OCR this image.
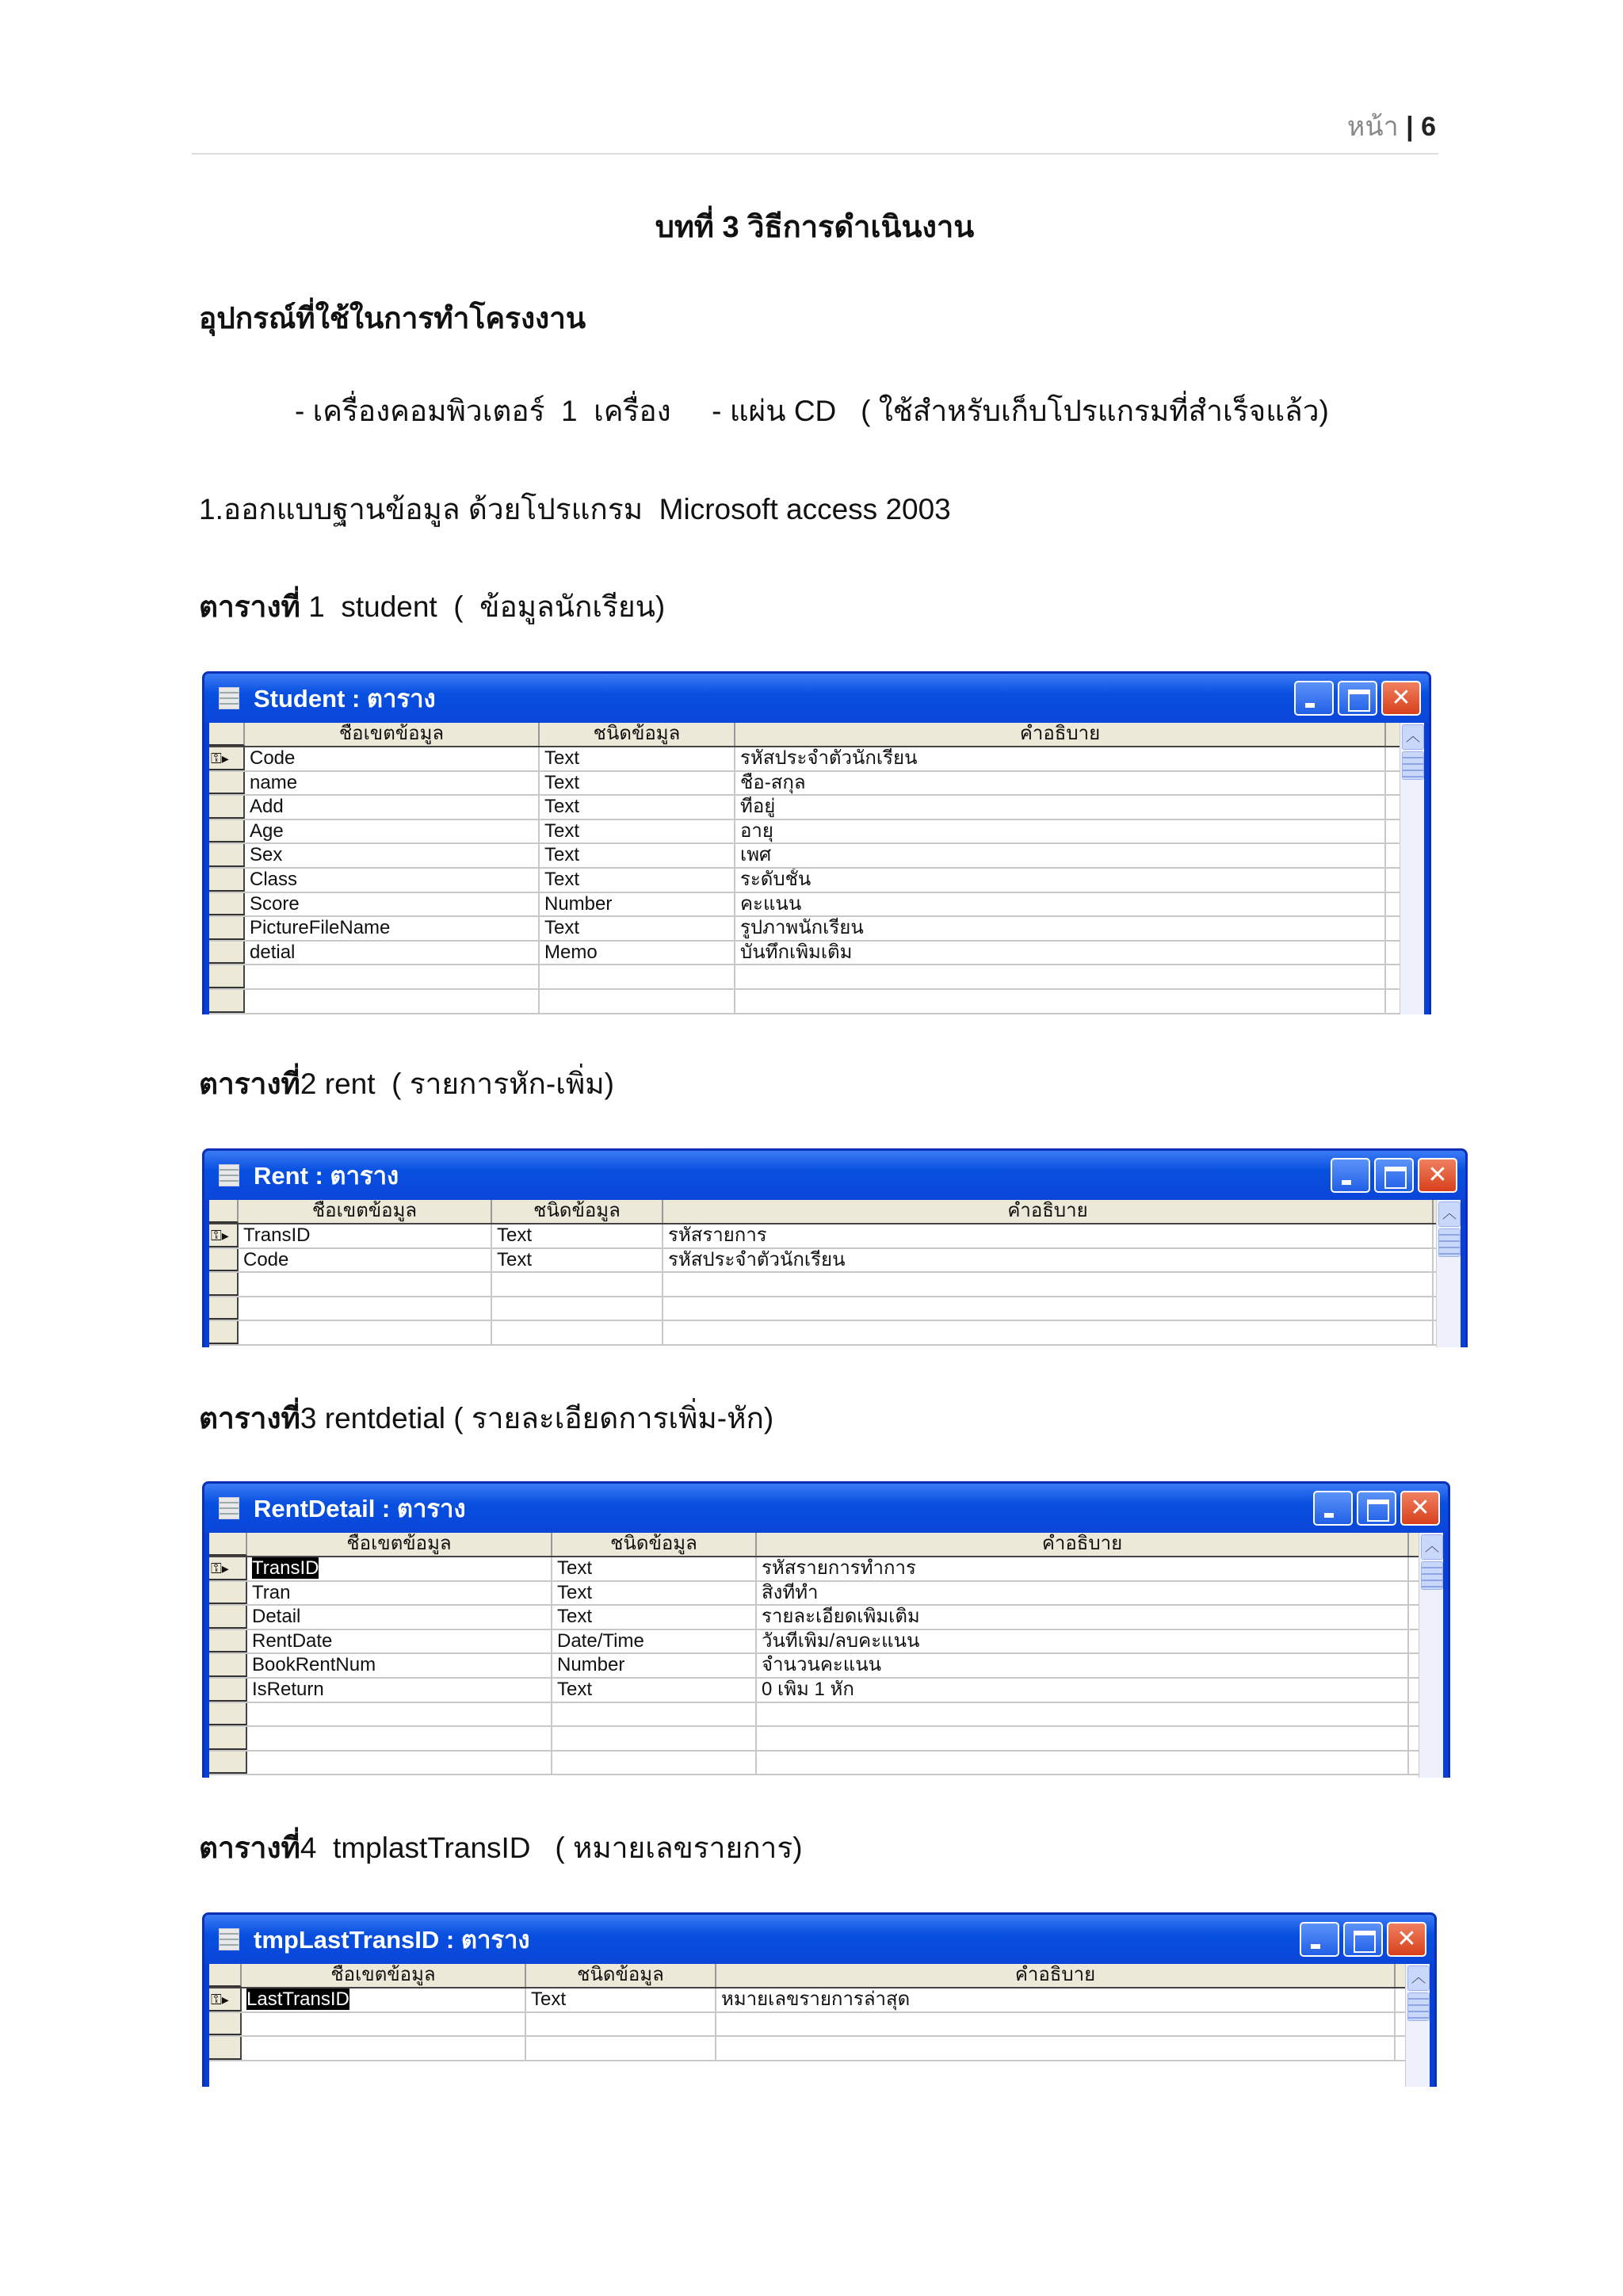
หน้า | 6
บทที่ 3 วิธีการดำเนินงาน
อุปกรณ์ที่ใช้ในการทำโครงงาน
- เครื่องคอมพิวเตอร์  1  เครื่อง     - แผ่น CD   ( ใช้สำหรับเก็บโปรแกรมที่สำเร็จแล้ว)
1.ออกแบบฐานข้อมูล ด้วยโปรแกรม  Microsoft access 2003
ตารางที่ 1  student  (  ข้อมูลนักเรียน)
ตารางที่2 rent  ( รายการหัก-เพิ่ม)
ตารางที่3 rentdetial ( รายละเอียดการเพิ่ม-หัก)
ตารางที่4  tmplastTransID   ( หมายเลขรายการ)
Student : ตาราง
✕
ชื่อเขตข้อมูล	ชนิดข้อมูล	คำอธิบาย
⚿▸	Code	Text	รหัสประจำตัวนักเรียน
name	Text	ชื่อ-สกุล
Add	Text	ที่อยู่
Age	Text	อายุ
Sex	Text	เพศ
Class	Text	ระดับชั้น
Score	Number	คะแนน
PictureFileName	Text	รูปภาพนักเรียน
detial	Memo	บันทึกเพิ่มเติม
︿
Rent : ตาราง
✕
ชื่อเขตข้อมูล	ชนิดข้อมูล	คำอธิบาย
⚿▸ TransID	Text	รหัสรายการ
Code	Text	รหัสประจำตัวนักเรียน
︿
RentDetail : ตาราง
✕
ชื่อเขตข้อมูล	ชนิดข้อมูล	คำอธิบาย
⚿▸	TransID	Text	รหัสรายการทำการ
Tran	Text	สิ่งที่ทำ
Detail	Text	รายละเอียดเพิ่มเติม
RentDate	Date/Time	วันที่เพิ่ม/ลบคะแนน
BookRentNum	Number	จำนวนคะแนน
IsReturn	Text	0 เพิ่ม 1 หัก
︿
tmpLastTransID : ตาราง
✕
ชื่อเขตข้อมูล	ชนิดข้อมูล	คำอธิบาย
⚿▸ LastTransID	Text	หมายเลขรายการล่าสุด
︿
